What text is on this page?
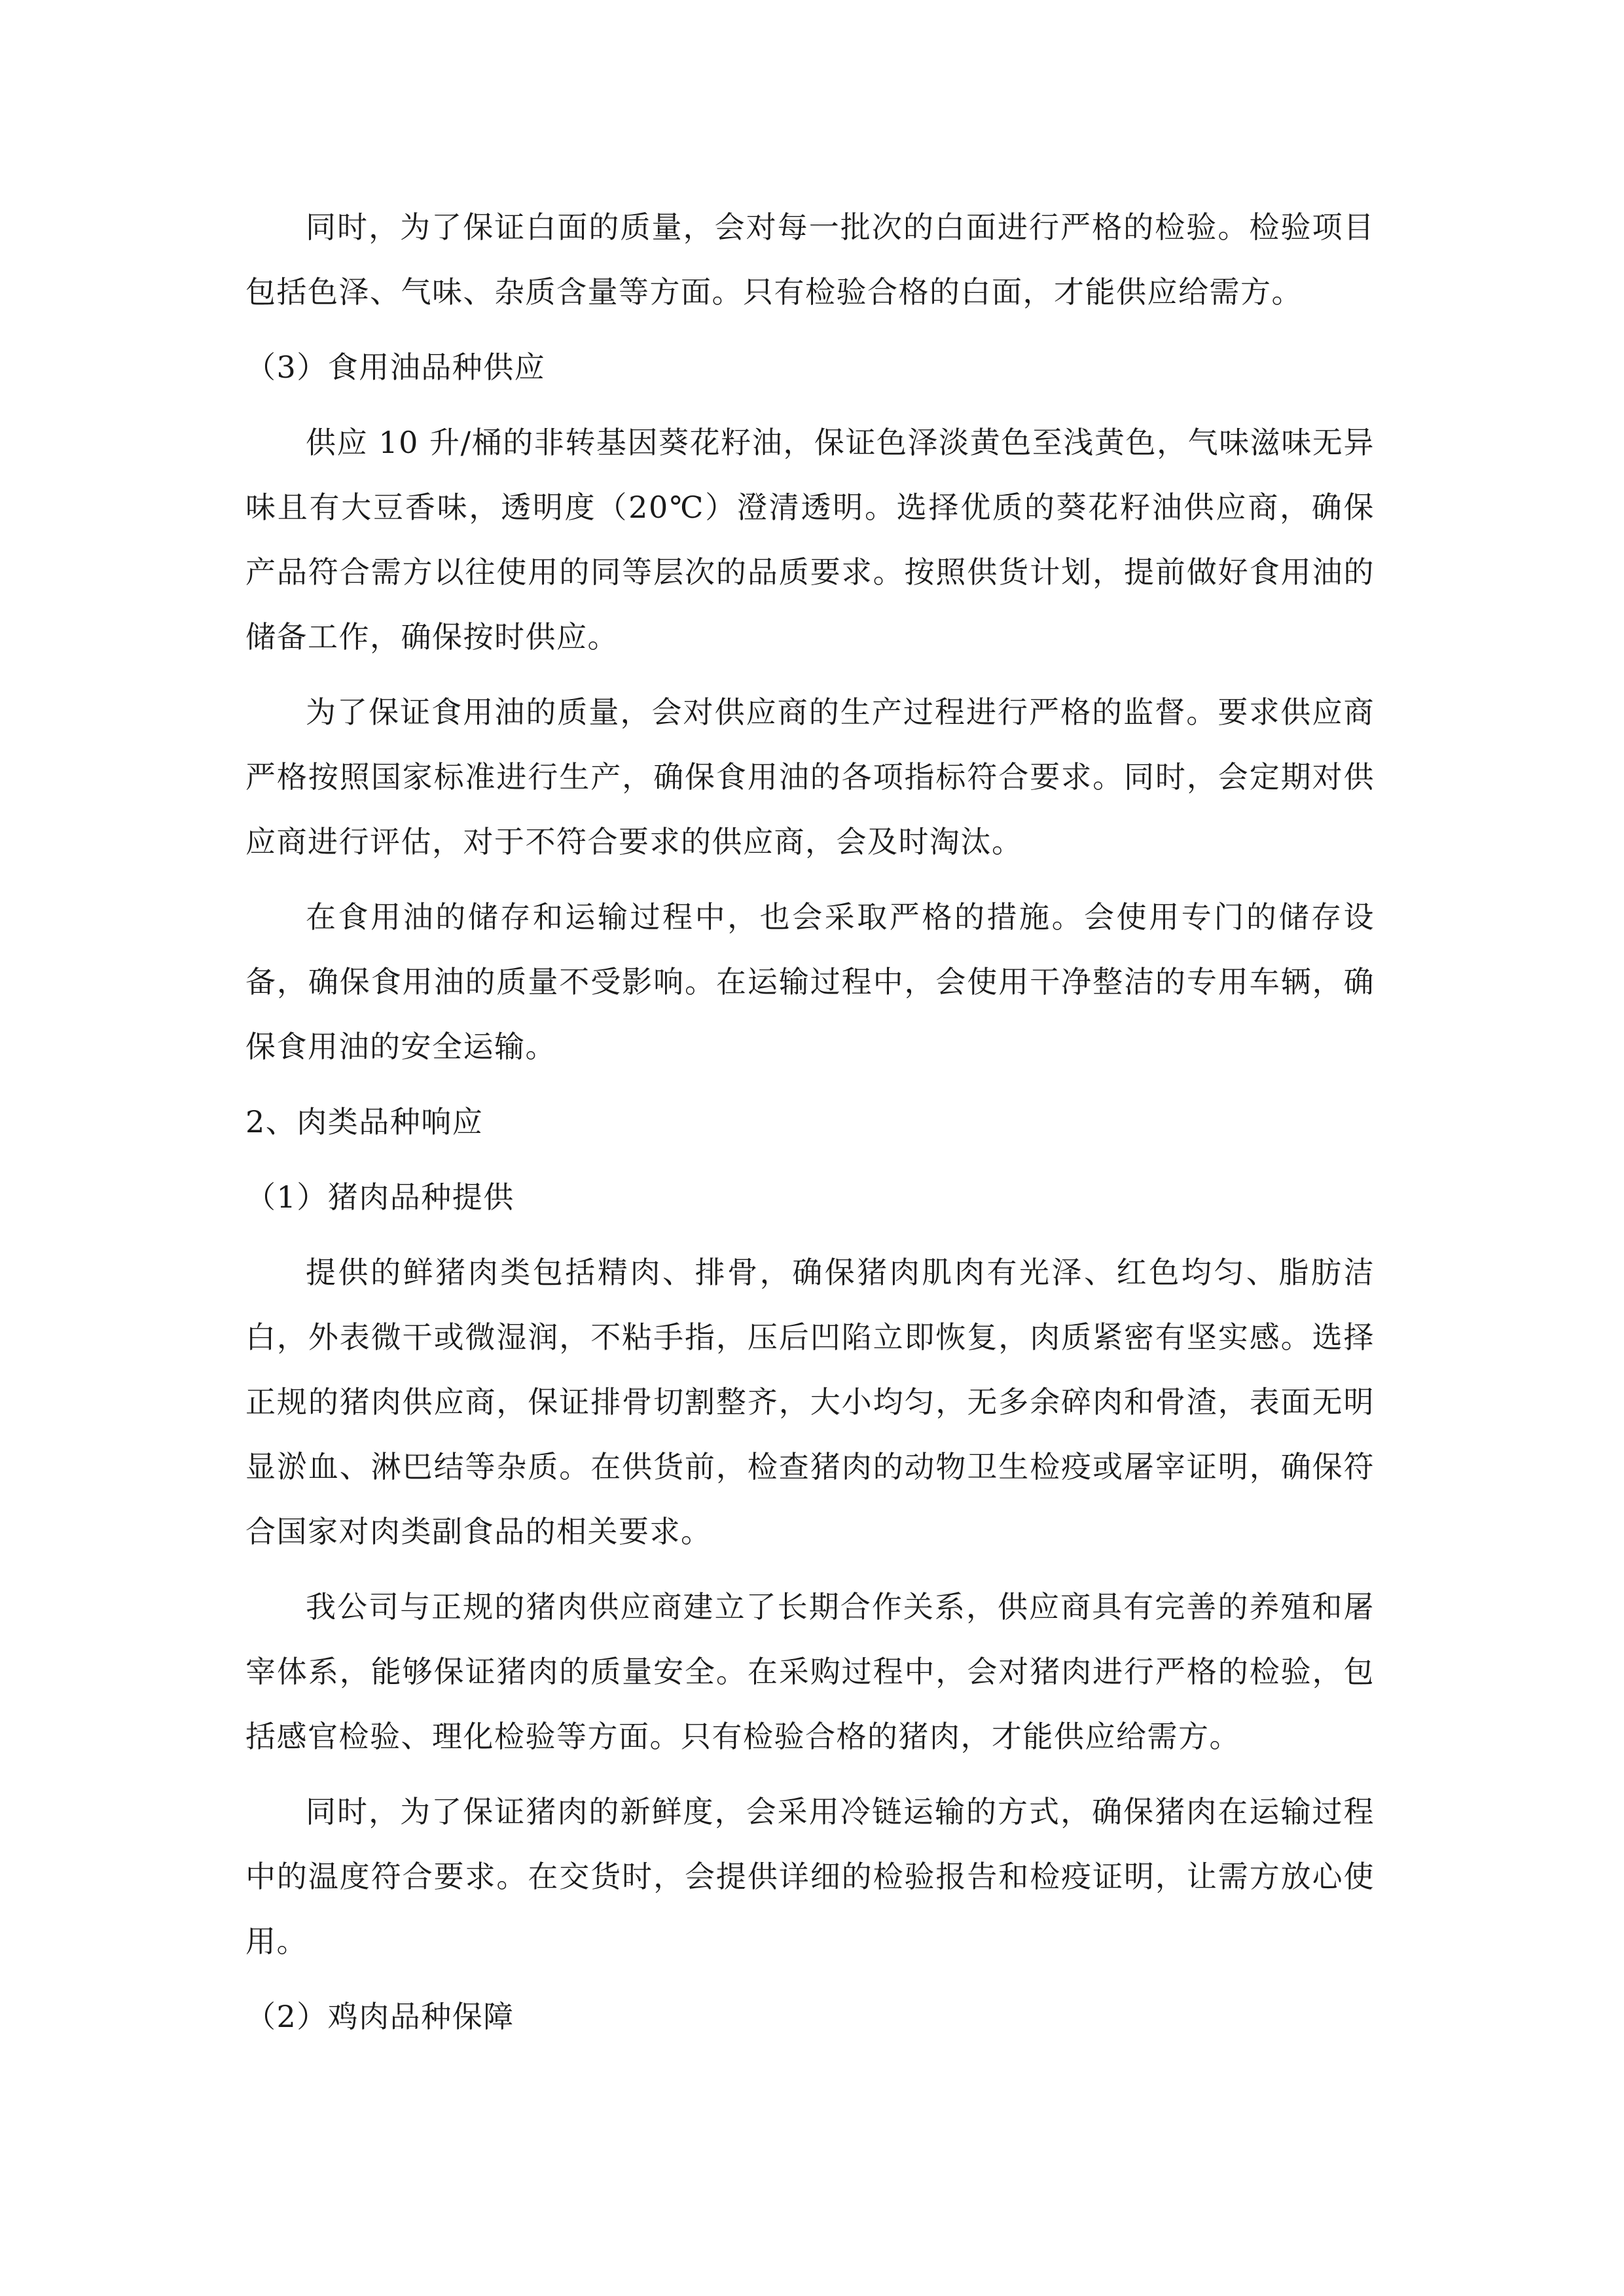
同时，为了保证白面的质量，会对每一批次的白面进行严格的检验。检验项目包括色泽、气味、杂质含量等方面。只有检验合格的白面，才能供应给需方。

（3）食用油品种供应

供应 10 升/桶的非转基因葵花籽油，保证色泽淡黄色至浅黄色，气味滋味无异味且有大豆香味，透明度（20℃）澄清透明。选择优质的葵花籽油供应商，确保产品符合需方以往使用的同等层次的品质要求。按照供货计划，提前做好食用油的储备工作，确保按时供应。

为了保证食用油的质量，会对供应商的生产过程进行严格的监督。要求供应商严格按照国家标准进行生产，确保食用油的各项指标符合要求。同时，会定期对供应商进行评估，对于不符合要求的供应商，会及时淘汰。

在食用油的储存和运输过程中，也会采取严格的措施。会使用专门的储存设备，确保食用油的质量不受影响。在运输过程中，会使用干净整洁的专用车辆，确保食用油的安全运输。

2、肉类品种响应

（1）猪肉品种提供

提供的鲜猪肉类包括精肉、排骨，确保猪肉肌肉有光泽、红色均匀、脂肪洁白，外表微干或微湿润，不粘手指，压后凹陷立即恢复，肉质紧密有坚实感。选择正规的猪肉供应商，保证排骨切割整齐，大小均匀，无多余碎肉和骨渣，表面无明显淤血、淋巴结等杂质。在供货前，检查猪肉的动物卫生检疫或屠宰证明，确保符合国家对肉类副食品的相关要求。

我公司与正规的猪肉供应商建立了长期合作关系，供应商具有完善的养殖和屠宰体系，能够保证猪肉的质量安全。在采购过程中，会对猪肉进行严格的检验，包括感官检验、理化检验等方面。只有检验合格的猪肉，才能供应给需方。

同时，为了保证猪肉的新鲜度，会采用冷链运输的方式，确保猪肉在运输过程中的温度符合要求。在交货时，会提供详细的检验报告和检疫证明，让需方放心使用。

（2）鸡肉品种保障
